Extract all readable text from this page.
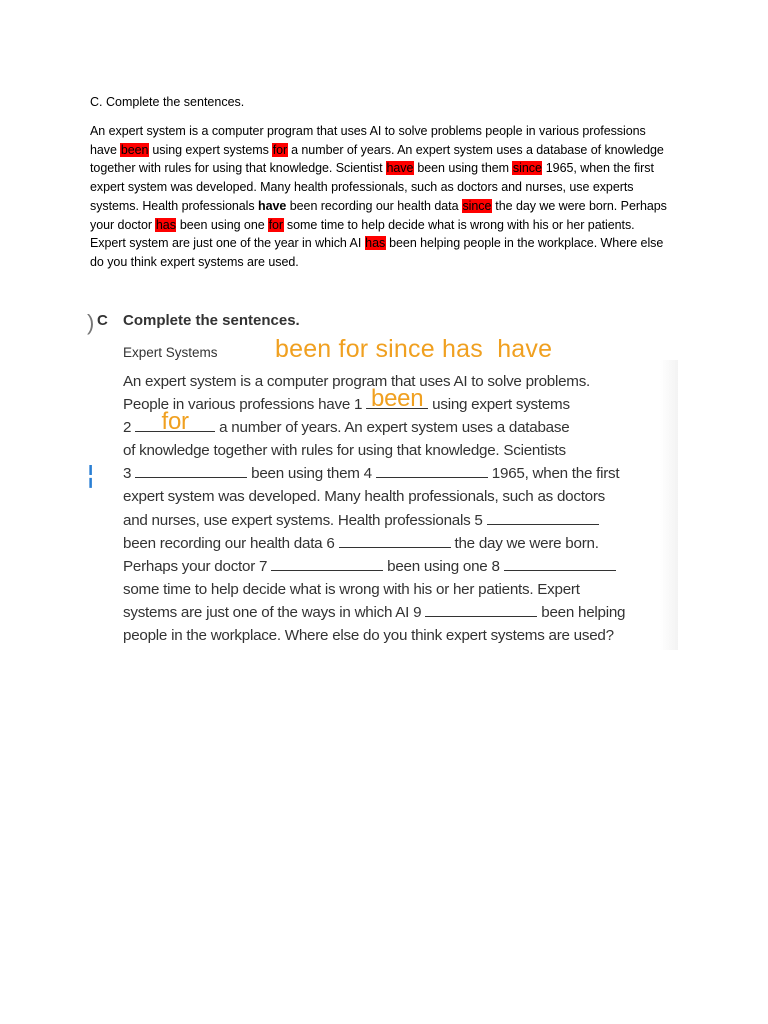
C. Complete the sentences.
An expert system is a computer program that uses AI to solve problems people in various professions
have been using expert systems for a number of years. An expert system uses a database of knowledge
together with rules for using that knowledge. Scientist have been using them since 1965, when the first
expert system was developed. Many health professionals, such as doctors and nurses, use experts
systems. Health professionals have been recording our health data since the day we were born. Perhaps
your doctor has been using one for some time to help decide what is wrong with his or her patients.
Expert system are just one of the year in which AI has been helping people in the workplace. Where else
do you think expert systems are used.
)
╎
C Complete the sentences.
Expert Systems been for since has  have
An expert system is a computer program that uses AI to solve problems.
People in various professions have 1 been using expert systems
2	for	a number of years. An expert system uses a database
of knowledge together with rules for using that knowledge. Scientists
3	been using them 4	1965, when the first
expert system was developed. Many health professionals, such as doctors
and nurses, use expert systems. Health professionals 5
been recording our health data 6	the day we were born.
Perhaps your doctor 7	been using one 8
some time to help decide what is wrong with his or her patients. Expert
systems are just one of the ways in which AI 9	been helping
people in the workplace. Where else do you think expert systems are used?
